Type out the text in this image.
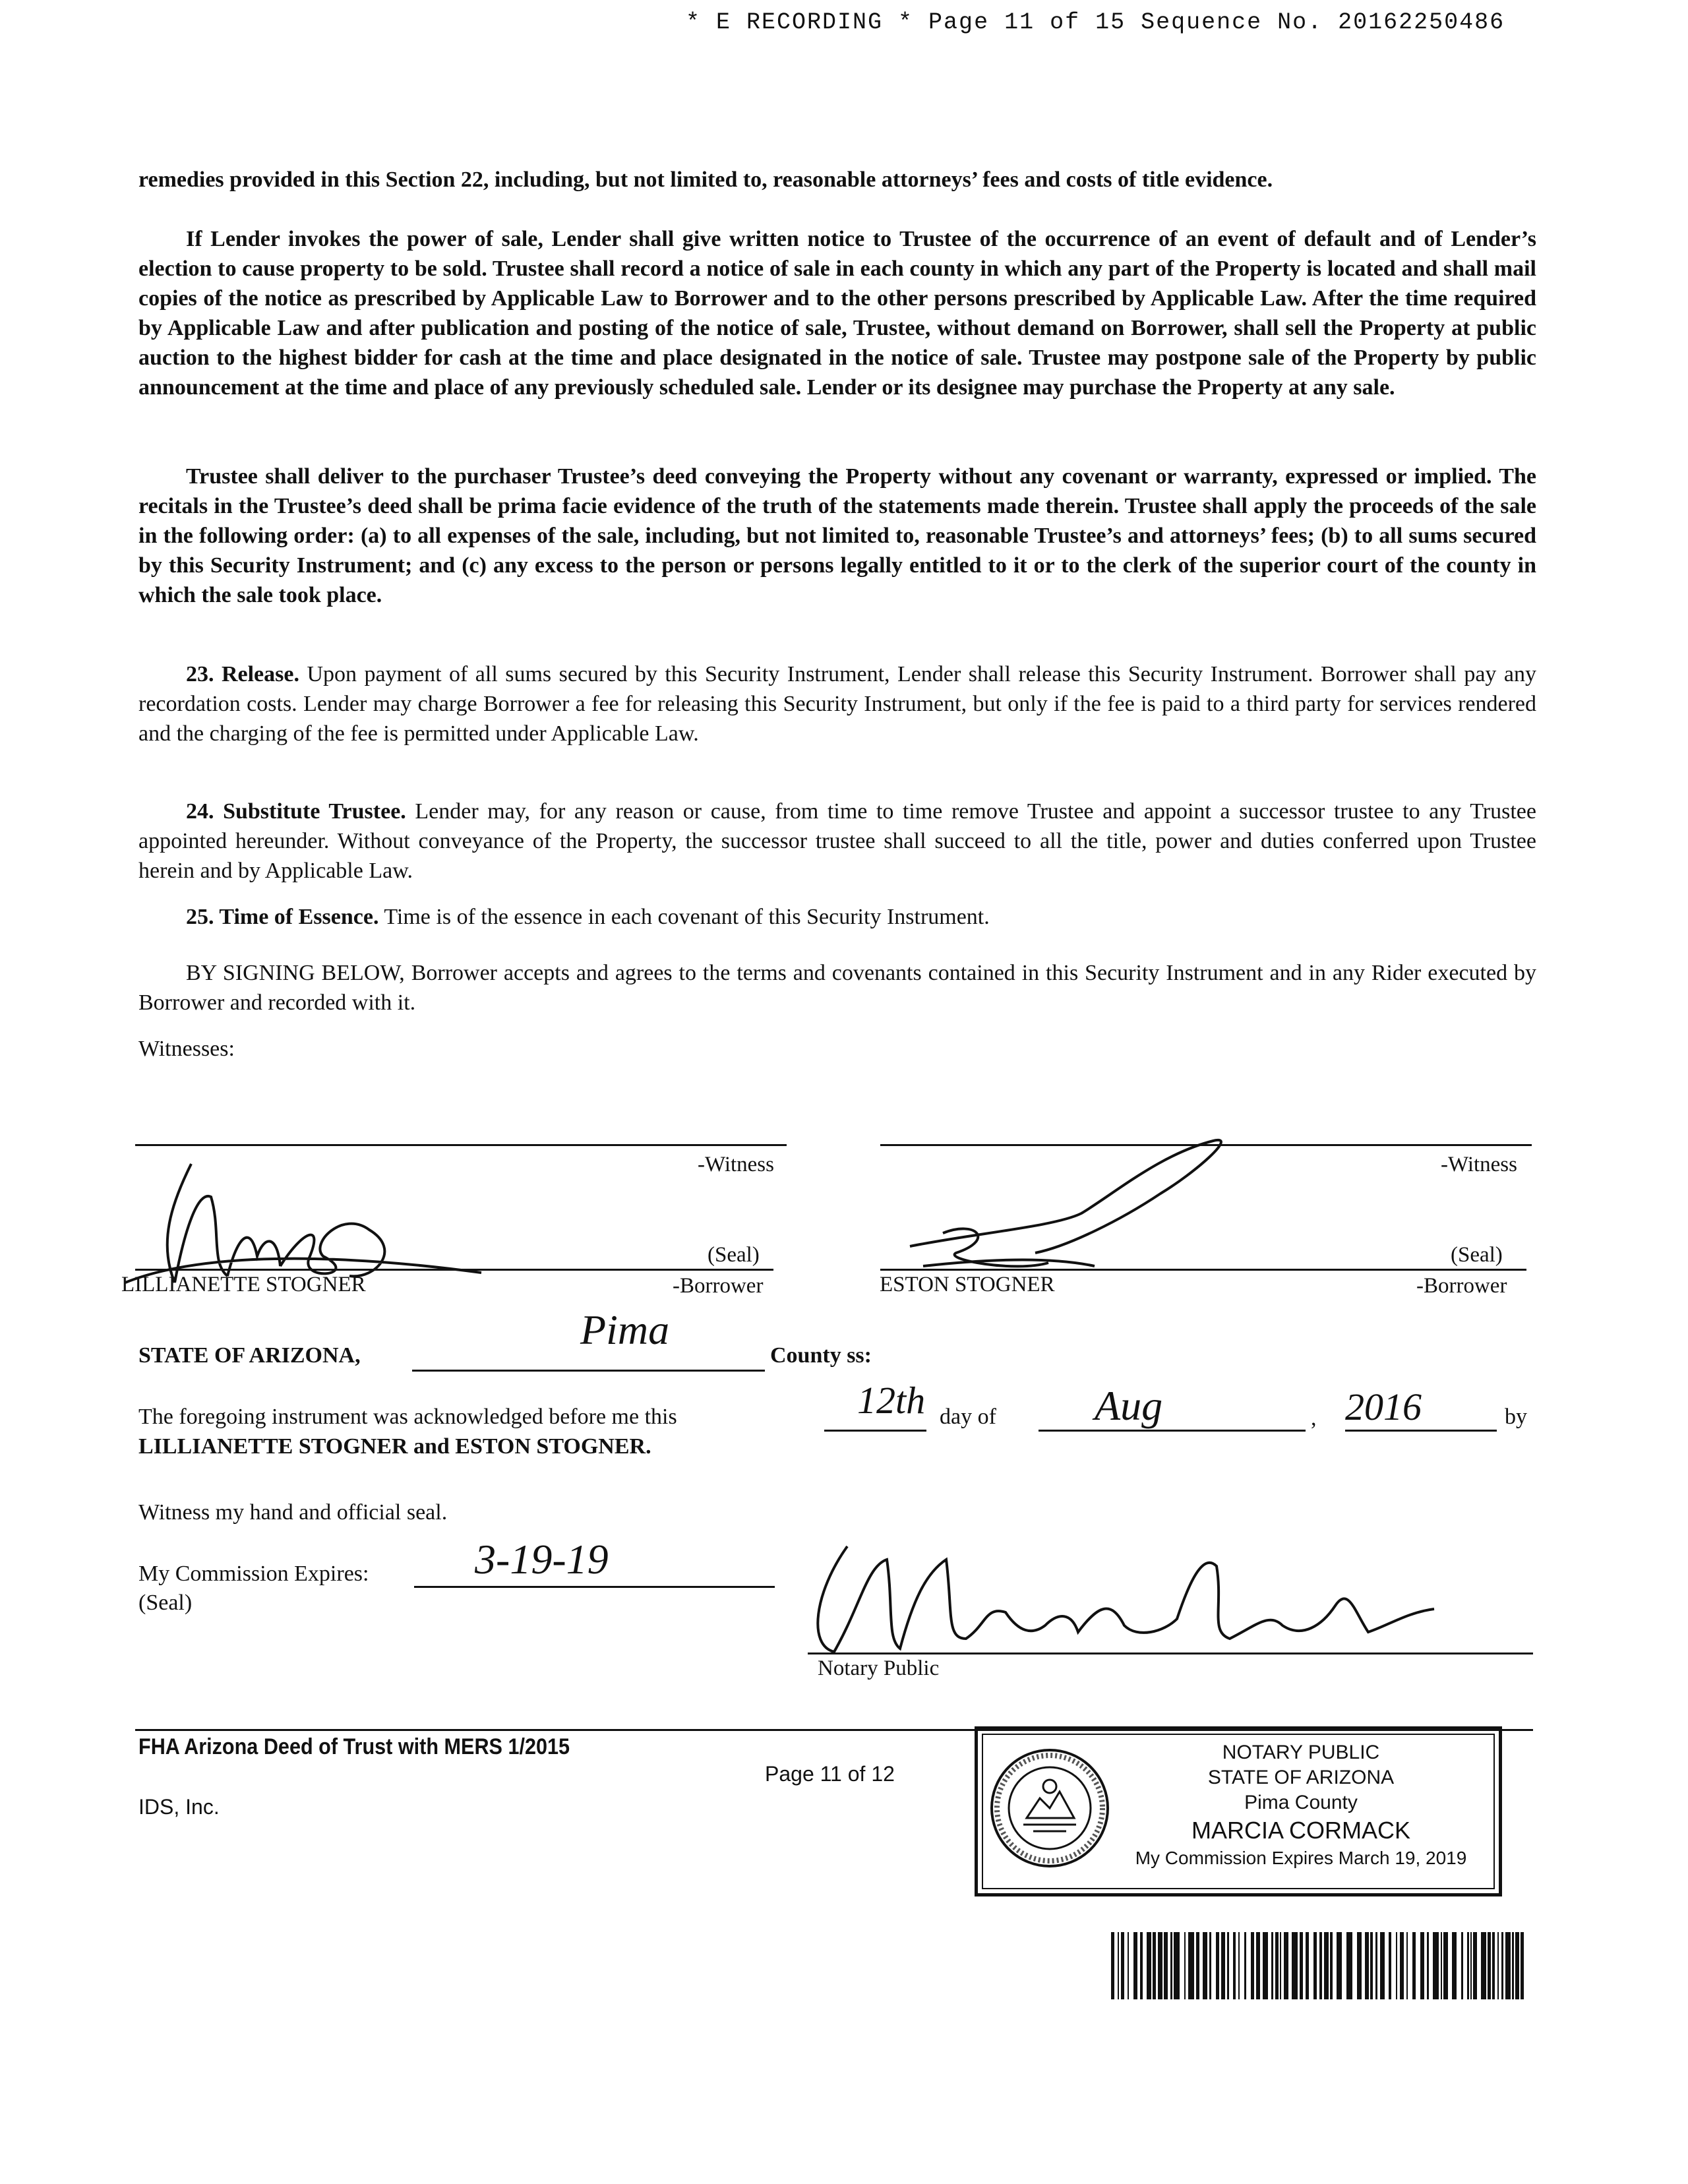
* E RECORDING * Page 11 of 15 Sequence No. 20162250486
remedies provided in this Section 22, including, but not limited to, reasonable attorneys’ fees and costs of title evidence.
If Lender invokes the power of sale, Lender shall give written notice to Trustee of the occurrence of an event of default and of Lender’s election to cause property to be sold. Trustee shall record a notice of sale in each county in which any part of the Property is located and shall mail copies of the notice as prescribed by Applicable Law to Borrower and to the other persons prescribed by Applicable Law. After the time required by Applicable Law and after publication and posting of the notice of sale, Trustee, without demand on Borrower, shall sell the Property at public auction to the highest bidder for cash at the time and place designated in the notice of sale. Trustee may postpone sale of the Property by public announcement at the time and place of any previously scheduled sale. Lender or its designee may purchase the Property at any sale.
Trustee shall deliver to the purchaser Trustee’s deed conveying the Property without any covenant or warranty, expressed or implied. The recitals in the Trustee’s deed shall be prima facie evidence of the truth of the statements made therein. Trustee shall apply the proceeds of the sale in the following order: (a) to all expenses of the sale, including, but not limited to, reasonable Trustee’s and attorneys’ fees; (b) to all sums secured by this Security Instrument; and (c) any excess to the person or persons legally entitled to it or to the clerk of the superior court of the county in which the sale took place.
23. Release. Upon payment of all sums secured by this Security Instrument, Lender shall release this Security Instrument. Borrower shall pay any recordation costs. Lender may charge Borrower a fee for releasing this Security Instrument, but only if the fee is paid to a third party for services rendered and the charging of the fee is permitted under Applicable Law.
24. Substitute Trustee. Lender may, for any reason or cause, from time to time remove Trustee and appoint a successor trustee to any Trustee appointed hereunder. Without conveyance of the Property, the successor trustee shall succeed to all the title, power and duties conferred upon Trustee herein and by Applicable Law.
25. Time of Essence. Time is of the essence in each covenant of this Security Instrument.
BY SIGNING BELOW, Borrower accepts and agrees to the terms and covenants contained in this Security Instrument and in any Rider executed by Borrower and recorded with it.
Witnesses:
-Witness	-Witness
(Seal)	(Seal)
LILLIANETTE STOGNER	ESTON STOGNER
-Borrower	-Borrower
STATE OF ARIZONA,
Pima
County ss:
The foregoing instrument was acknowledged before me this	12th day of Aug	, 2016	by
LILLIANETTE STOGNER and ESTON STOGNER.
Witness my hand and official seal.
My Commission Expires:	3-19-19
(Seal)
Notary Public
FHA Arizona Deed of Trust with MERS 1/2015
IDS, Inc.
Page 11 of 12
NOTARY PUBLIC
STATE OF ARIZONA
Pima County
MARCIA CORMACK
My Commission Expires March 19, 2019
